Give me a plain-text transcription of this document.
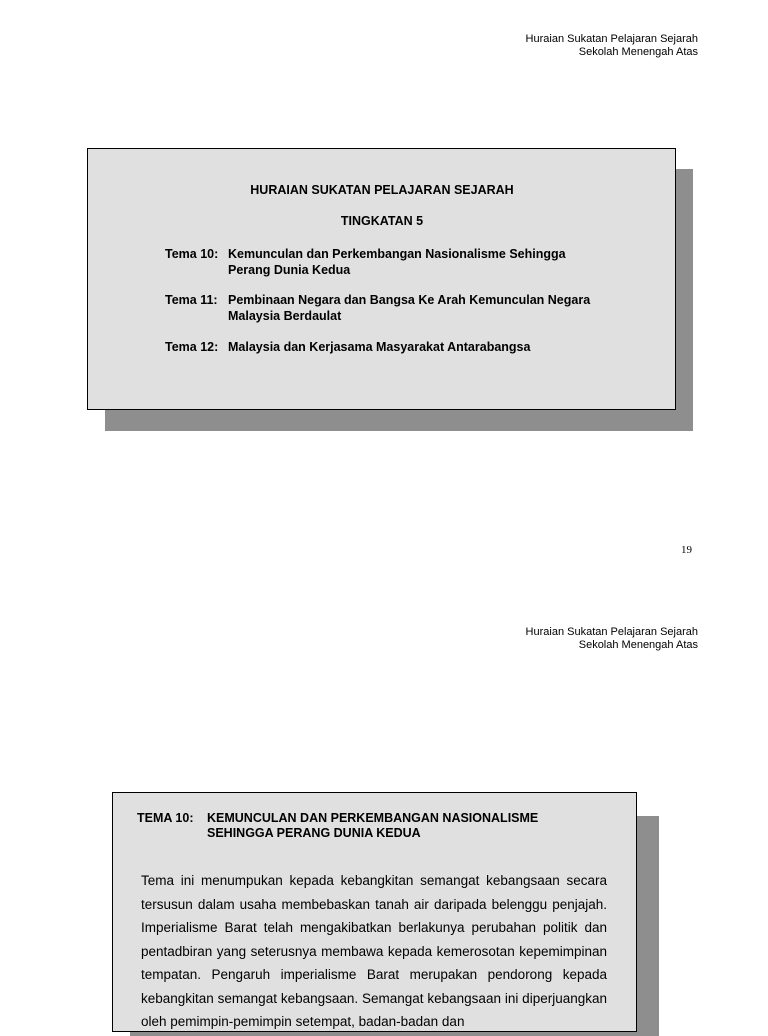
Huraian Sukatan Pelajaran Sejarah
Sekolah Menengah Atas
HURAIAN SUKATAN PELAJARAN SEJARAH
TINGKATAN 5
Tema 10: Kemunculan dan Perkembangan Nasionalisme Sehingga
Perang Dunia Kedua
Tema 11: Pembinaan Negara dan Bangsa Ke Arah Kemunculan Negara
Malaysia Berdaulat
Tema 12: Malaysia dan Kerjasama Masyarakat Antarabangsa
19
Huraian Sukatan Pelajaran Sejarah
Sekolah Menengah Atas
TEMA 10: KEMUNCULAN DAN PERKEMBANGAN NASIONALISME
SEHINGGA PERANG DUNIA KEDUA
Tema ini menumpukan kepada kebangkitan semangat kebangsaan secara tersusun dalam usaha membebaskan tanah air daripada belenggu penjajah. Imperialisme Barat telah mengakibatkan berlakunya perubahan politik dan pentadbiran yang seterusnya membawa kepada kemerosotan kepemimpinan tempatan. Pengaruh imperialisme Barat merupakan pendorong kepada kebangkitan semangat kebangsaan. Semangat kebangsaan ini diperjuangkan oleh pemimpin-pemimpin setempat, badan-badan dan
